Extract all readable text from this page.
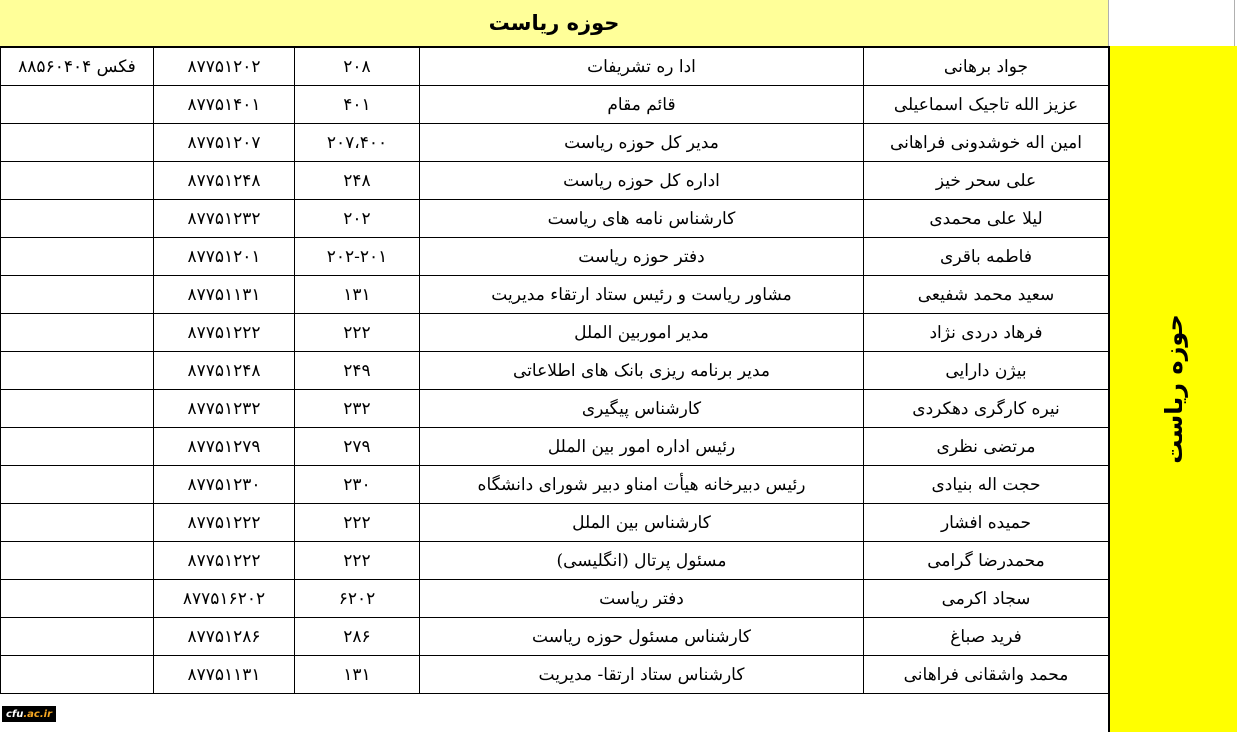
حوزه ریاست
حوزه ریاست
۸۸۵۶۰۴۰۴ فکس	۸۷۷۵۱۲۰۲	۲۰۸	ادا ره تشریفات	جواد برهانی
	۸۷۷۵۱۴۰۱	۴۰۱	قائم مقام	عزیز الله تاجیک اسماعیلی
	۸۷۷۵۱۲۰۷	۲۰۷،۴۰۰	مدیر کل حوزه ریاست	امین اله خوشدونی فراهانی
	۸۷۷۵۱۲۴۸	۲۴۸	اداره کل حوزه ریاست	علی سحر خیز
	۸۷۷۵۱۲۳۲	۲۰۲	کارشناس نامه های ریاست	لیلا علی محمدی
	۸۷۷۵۱۲۰۱	۲۰۲-۲۰۱	دفتر حوزه ریاست	فاطمه باقری
	۸۷۷۵۱۱۳۱	۱۳۱	مشاور ریاست و رئیس ستاد ارتقاء مدیریت	سعید محمد شفیعی
	۸۷۷۵۱۲۲۲	۲۲۲	مدیر اموربین الملل	فرهاد دردی نژاد
	۸۷۷۵۱۲۴۸	۲۴۹	مدیر برنامه ریزی بانک های اطلاعاتی	بیژن دارایی
	۸۷۷۵۱۲۳۲	۲۳۲	کارشناس پیگیری	نیره کارگری دهکردی
	۸۷۷۵۱۲۷۹	۲۷۹	رئیس اداره امور بین الملل	مرتضی نظری
	۸۷۷۵۱۲۳۰	۲۳۰	رئیس دبیرخانه هیأت امناو دبیر شورای دانشگاه	حجت اله بنیادی
	۸۷۷۵۱۲۲۲	۲۲۲	کارشناس بین الملل	حمیده افشار
	۸۷۷۵۱۲۲۲	۲۲۲	مسئول پرتال (انگلیسی)	محمدرضا گرامی
	۸۷۷۵۱۶۲۰۲	۶۲۰۲	دفتر ریاست	سجاد اکرمی
	۸۷۷۵۱۲۸۶	۲۸۶	کارشناس مسئول حوزه ریاست	فرید صباغ
	۸۷۷۵۱۱۳۱	۱۳۱	کارشناس ستاد ارتقا- مدیریت	محمد واشقانی فراهانی
cfu .ac.ir
